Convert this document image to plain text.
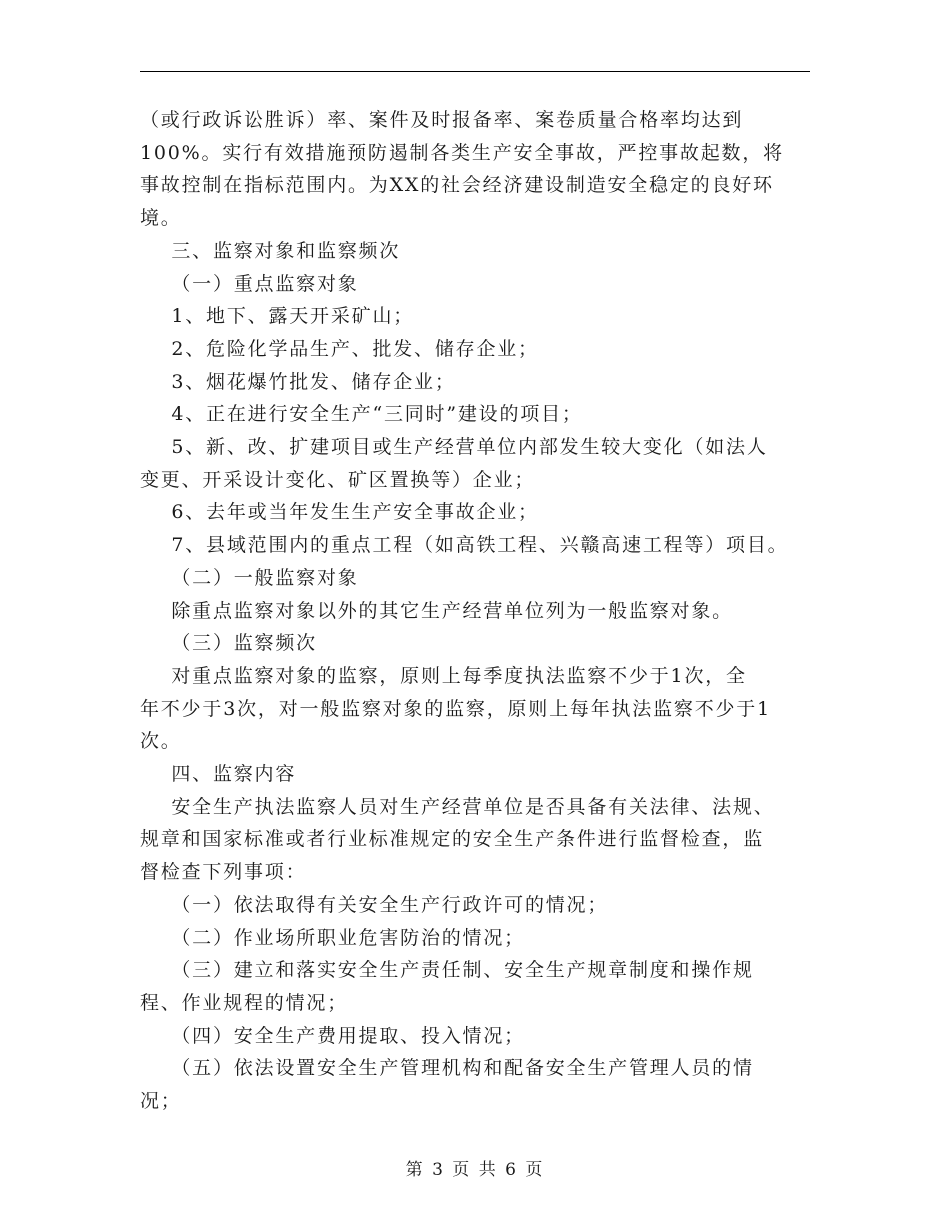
（或行政诉讼胜诉）率、案件及时报备率、案卷质量合格率均达到

100%。实行有效措施预防遏制各类生产安全事故，严控事故起数，将

事故控制在指标范围内。为XX的社会经济建设制造安全稳定的良好环

境。

三、监察对象和监察频次

（一）重点监察对象

1、地下、露天开采矿山；

2、危险化学品生产、批发、储存企业；

3、烟花爆竹批发、储存企业；

4、正在进行安全生产“三同时”建设的项目；

5、新、改、扩建项目或生产经营单位内部发生较大变化（如法人

变更、开采设计变化、矿区置换等）企业；

6、去年或当年发生生产安全事故企业；

7、县域范围内的重点工程（如高铁工程、兴赣高速工程等）项目。

（二）一般监察对象

除重点监察对象以外的其它生产经营单位列为一般监察对象。

（三）监察频次

对重点监察对象的监察，原则上每季度执法监察不少于1次，全

年不少于3次，对一般监察对象的监察，原则上每年执法监察不少于1

次。

四、监察内容

安全生产执法监察人员对生产经营单位是否具备有关法律、法规、

规章和国家标准或者行业标准规定的安全生产条件进行监督检查，监

督检查下列事项：

（一）依法取得有关安全生产行政许可的情况；

（二）作业场所职业危害防治的情况；

（三）建立和落实安全生产责任制、安全生产规章制度和操作规

程、作业规程的情况；

（四）安全生产费用提取、投入情况；

（五）依法设置安全生产管理机构和配备安全生产管理人员的情

况；

第 3 页 共 6 页
